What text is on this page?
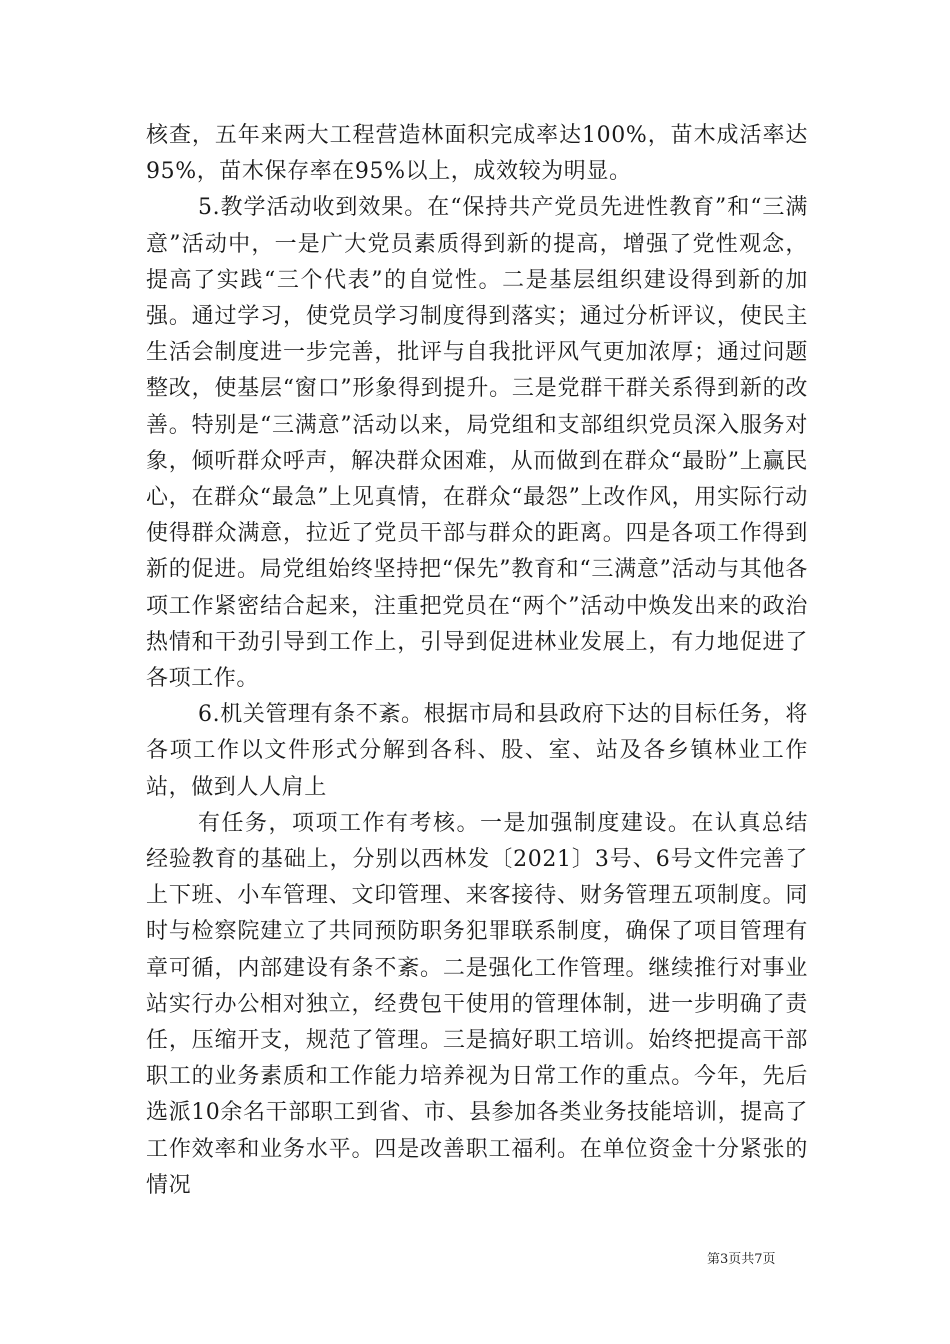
核查，五年来两大工程营造林面积完成率达100%，苗木成活率达95%，苗木保存率在95%以上，成效较为明显。

5.教学活动收到效果。在“保持共产党员先进性教育”和“三满意”活动中，一是广大党员素质得到新的提高，增强了党性观念，提高了实践“三个代表”的自觉性。二是基层组织建设得到新的加强。通过学习，使党员学习制度得到落实；通过分析评议，使民主生活会制度进一步完善，批评与自我批评风气更加浓厚；通过问题整改，使基层“窗口”形象得到提升。三是党群干群关系得到新的改善。特别是“三满意”活动以来，局党组和支部组织党员深入服务对象，倾听群众呼声，解决群众困难，从而做到在群众“最盼”上赢民心，在群众“最急”上见真情，在群众“最怨”上改作风，用实际行动使得群众满意，拉近了党员干部与群众的距离。四是各项工作得到新的促进。局党组始终坚持把“保先”教育和“三满意”活动与其他各项工作紧密结合起来，注重把党员在“两个”活动中焕发出来的政治热情和干劲引导到工作上，引导到促进林业发展上，有力地促进了各项工作。

6.机关管理有条不紊。根据市局和县政府下达的目标任务，将各项工作以文件形式分解到各科、股、室、站及各乡镇林业工作站，做到人人肩上

有任务，项项工作有考核。一是加强制度建设。在认真总结经验教育的基础上，分别以西林发〔2021〕3号、6号文件完善了上下班、小车管理、文印管理、来客接待、财务管理五项制度。同时与检察院建立了共同预防职务犯罪联系制度，确保了项目管理有章可循，内部建设有条不紊。二是强化工作管理。继续推行对事业站实行办公相对独立，经费包干使用的管理体制，进一步明确了责任，压缩开支，规范了管理。三是搞好职工培训。始终把提高干部职工的业务素质和工作能力培养视为日常工作的重点。今年，先后选派10余名干部职工到省、市、县参加各类业务技能培训，提高了工作效率和业务水平。四是改善职工福利。在单位资金十分紧张的情况

第3页共7页
